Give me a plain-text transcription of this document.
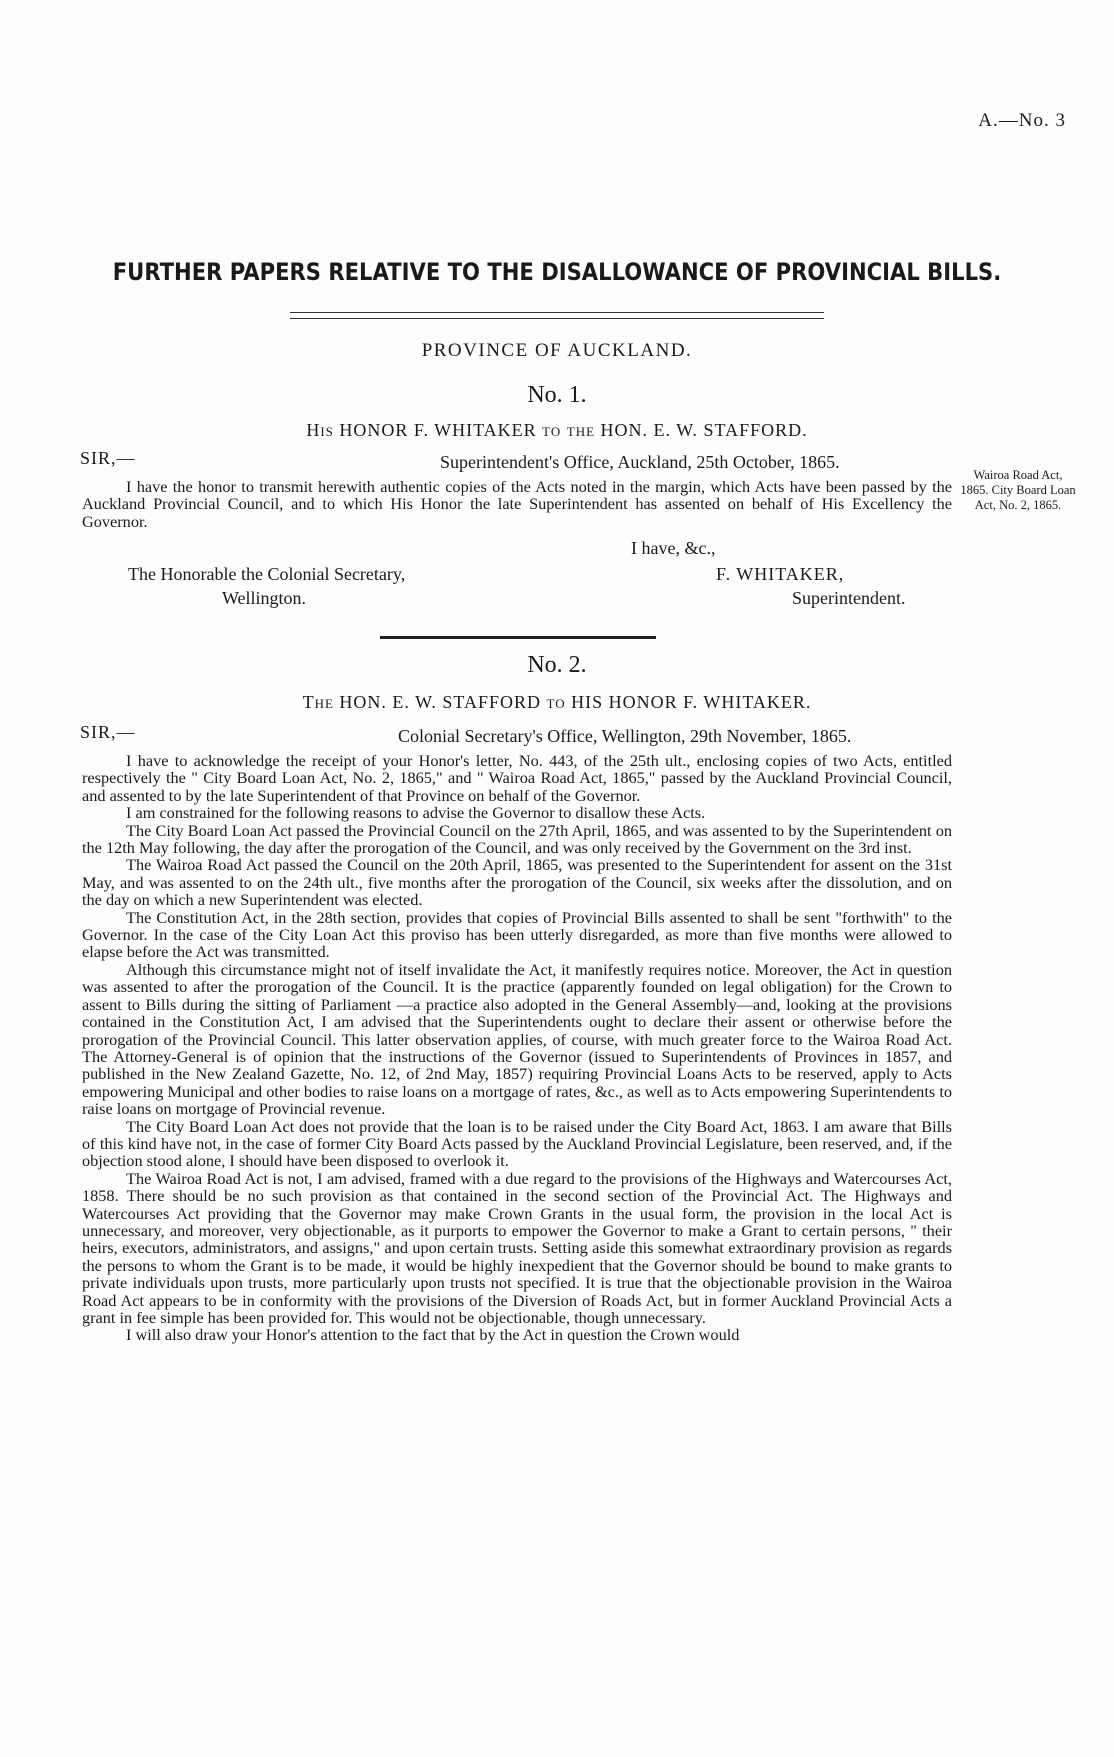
A.—No. 3
FURTHER PAPERS RELATIVE TO THE DISALLOWANCE OF PROVINCIAL BILLS.
PROVINCE OF AUCKLAND.
No. 1.
His HONOR F. WHITAKER to the HON. E. W. STAFFORD.
SIR,—	Superintendent's Office, Auckland, 25th October, 1865.

I have the honor to transmit herewith authentic copies of the Acts noted in the margin, which Acts have been passed by the Auckland Provincial Council, and to which His Honor the late Superintendent has assented on behalf of His Excellency the Governor.

Wairoa Road Act, 1865. City Board Loan Act, No. 2, 1865.
I have, &c.,
The Honorable the Colonial Secretary,
Wellington.
F. WHITAKER,
Superintendent.
No. 2.
The HON. E. W. STAFFORD to HIS HONOR F. WHITAKER.
SIR,—	Colonial Secretary's Office, Wellington, 29th November, 1865.

I have to acknowledge the receipt of your Honor's letter, No. 443, of the 25th ult., enclosing copies of two Acts, entitled respectively the " City Board Loan Act, No. 2, 1865," and " Wairoa Road Act, 1865," passed by the Auckland Provincial Council, and assented to by the late Superintendent of that Province on behalf of the Governor.

I am constrained for the following reasons to advise the Governor to disallow these Acts.

The City Board Loan Act passed the Provincial Council on the 27th April, 1865, and was assented to by the Superintendent on the 12th May following, the day after the prorogation of the Council, and was only received by the Government on the 3rd inst.

The Wairoa Road Act passed the Council on the 20th April, 1865, was presented to the Superintendent for assent on the 31st May, and was assented to on the 24th ult., five months after the prorogation of the Council, six weeks after the dissolution, and on the day on which a new Superintendent was elected.

The Constitution Act, in the 28th section, provides that copies of Provincial Bills assented to shall be sent "forthwith" to the Governor. In the case of the City Loan Act this proviso has been utterly disregarded, as more than five months were allowed to elapse before the Act was transmitted.

Although this circumstance might not of itself invalidate the Act, it manifestly requires notice. Moreover, the Act in question was assented to after the prorogation of the Council. It is the practice (apparently founded on legal obligation) for the Crown to assent to Bills during the sitting of Parliament —a practice also adopted in the General Assembly—and, looking at the provisions contained in the Constitution Act, I am advised that the Superintendents ought to declare their assent or otherwise before the prorogation of the Provincial Council. This latter observation applies, of course, with much greater force to the Wairoa Road Act. The Attorney-General is of opinion that the instructions of the Governor (issued to Superintendents of Provinces in 1857, and published in the New Zealand Gazette, No. 12, of 2nd May, 1857) requiring Provincial Loans Acts to be reserved, apply to Acts empowering Municipal and other bodies to raise loans on a mortgage of rates, &c., as well as to Acts empowering Superintendents to raise loans on mortgage of Provincial revenue.

The City Board Loan Act does not provide that the loan is to be raised under the City Board Act, 1863. I am aware that Bills of this kind have not, in the case of former City Board Acts passed by the Auckland Provincial Legislature, been reserved, and, if the objection stood alone, I should have been disposed to overlook it.

The Wairoa Road Act is not, I am advised, framed with a due regard to the provisions of the Highways and Watercourses Act, 1858. There should be no such provision as that contained in the second section of the Provincial Act. The Highways and Watercourses Act providing that the Governor may make Crown Grants in the usual form, the provision in the local Act is unnecessary, and moreover, very objectionable, as it purports to empower the Governor to make a Grant to certain persons, " their heirs, executors, administrators, and assigns," and upon certain trusts. Setting aside this somewhat extraordinary provision as regards the persons to whom the Grant is to be made, it would be highly inexpedient that the Governor should be bound to make grants to private individuals upon trusts, more particularly upon trusts not specified. It is true that the objectionable provision in the Wairoa Road Act appears to be in conformity with the provisions of the Diversion of Roads Act, but in former Auckland Provincial Acts a grant in fee simple has been provided for. This would not be objectionable, though unnecessary.

I will also draw your Honor's attention to the fact that by the Act in question the Crown would
